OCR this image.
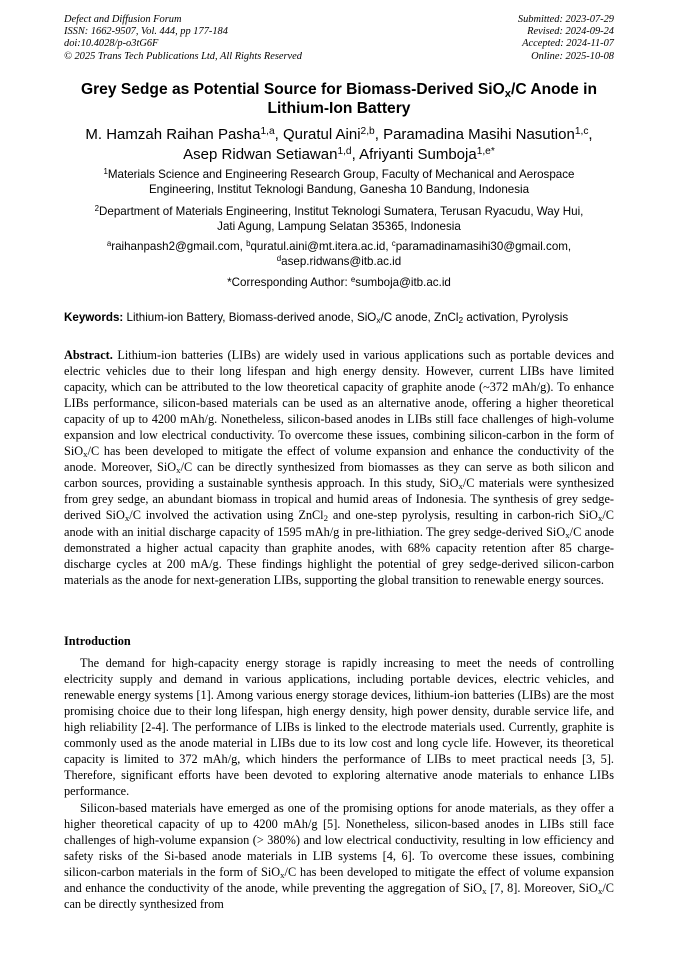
Defect and Diffusion Forum
ISSN: 1662-9507, Vol. 444, pp 177-184
doi:10.4028/p-o3tG6F
© 2025 Trans Tech Publications Ltd, All Rights Reserved
Submitted: 2023-07-29
Revised: 2024-09-24
Accepted: 2024-11-07
Online: 2025-10-08
Grey Sedge as Potential Source for Biomass-Derived SiO$_x$/C Anode in
Lithium-Ion Battery
M. Hamzah Raihan Pasha$^{1,a}$, Quratul Aini$^{2,b}$, Paramadina Masihi Nasution$^{1,c}$,
Asep Ridwan Setiawan$^{1,d}$, Afriyanti Sumboja$^{1,e*}$
$^1$Materials Science and Engineering Research Group, Faculty of Mechanical and Aerospace
Engineering, Institut Teknologi Bandung, Ganesha 10 Bandung, Indonesia
$^2$Department of Materials Engineering, Institut Teknologi Sumatera, Terusan Ryacudu, Way Hui,
Jati Agung, Lampung Selatan 35365, Indonesia
$^a$raihanpash2@gmail.com, $^b$quratul.aini@mt.itera.ac.id, $^c$paramadinamasihi30@gmail.com,
$^d$asep.ridwans@itb.ac.id
*Corresponding Author: $^e$sumboja@itb.ac.id
Keywords: Lithium-ion Battery, Biomass-derived anode, SiO$_x$/C anode, ZnCl$_2$ activation, Pyrolysis
Abstract. Lithium-ion batteries (LIBs) are widely used in various applications such as portable devices and electric vehicles due to their long lifespan and high energy density. However, current LIBs have limited capacity, which can be attributed to the low theoretical capacity of graphite anode (~372 mAh/g). To enhance LIBs performance, silicon-based materials can be used as an alternative anode, offering a higher theoretical capacity of up to 4200 mAh/g. Nonetheless, silicon-based anodes in LIBs still face challenges of high-volume expansion and low electrical conductivity. To overcome these issues, combining silicon-carbon in the form of SiO$_x$/C has been developed to mitigate the effect of volume expansion and enhance the conductivity of the anode. Moreover, SiO$_x$/C can be directly synthesized from biomasses as they can serve as both silicon and carbon sources, providing a sustainable synthesis approach. In this study, SiO$_x$/C materials were synthesized from grey sedge, an abundant biomass in tropical and humid areas of Indonesia. The synthesis of grey sedge-derived SiO$_x$/C involved the activation using ZnCl$_2$ and one-step pyrolysis, resulting in carbon-rich SiO$_x$/C anode with an initial discharge capacity of 1595 mAh/g in pre-lithiation. The grey sedge-derived SiO$_x$/C anode demonstrated a higher actual capacity than graphite anodes, with 68% capacity retention after 85 charge-discharge cycles at 200 mA/g. These findings highlight the potential of grey sedge-derived silicon-carbon materials as the anode for next-generation LIBs, supporting the global transition to renewable energy sources.
Introduction
The demand for high-capacity energy storage is rapidly increasing to meet the needs of controlling electricity supply and demand in various applications, including portable devices, electric vehicles, and renewable energy systems [1]. Among various energy storage devices, lithium-ion batteries (LIBs) are the most promising choice due to their long lifespan, high energy density, high power density, durable service life, and high reliability [2-4]. The performance of LIBs is linked to the electrode materials used. Currently, graphite is commonly used as the anode material in LIBs due to its low cost and long cycle life. However, its theoretical capacity is limited to 372 mAh/g, which hinders the performance of LIBs to meet practical needs [3, 5]. Therefore, significant efforts have been devoted to exploring alternative anode materials to enhance LIBs performance.
Silicon-based materials have emerged as one of the promising options for anode materials, as they offer a higher theoretical capacity of up to 4200 mAh/g [5]. Nonetheless, silicon-based anodes in LIBs still face challenges of high-volume expansion (> 380%) and low electrical conductivity, resulting in low efficiency and safety risks of the Si-based anode materials in LIB systems [4, 6]. To overcome these issues, combining silicon-carbon materials in the form of SiO$_x$/C has been developed to mitigate the effect of volume expansion and enhance the conductivity of the anode, while preventing the aggregation of SiO$_x$ [7, 8]. Moreover, SiO$_x$/C can be directly synthesized from
